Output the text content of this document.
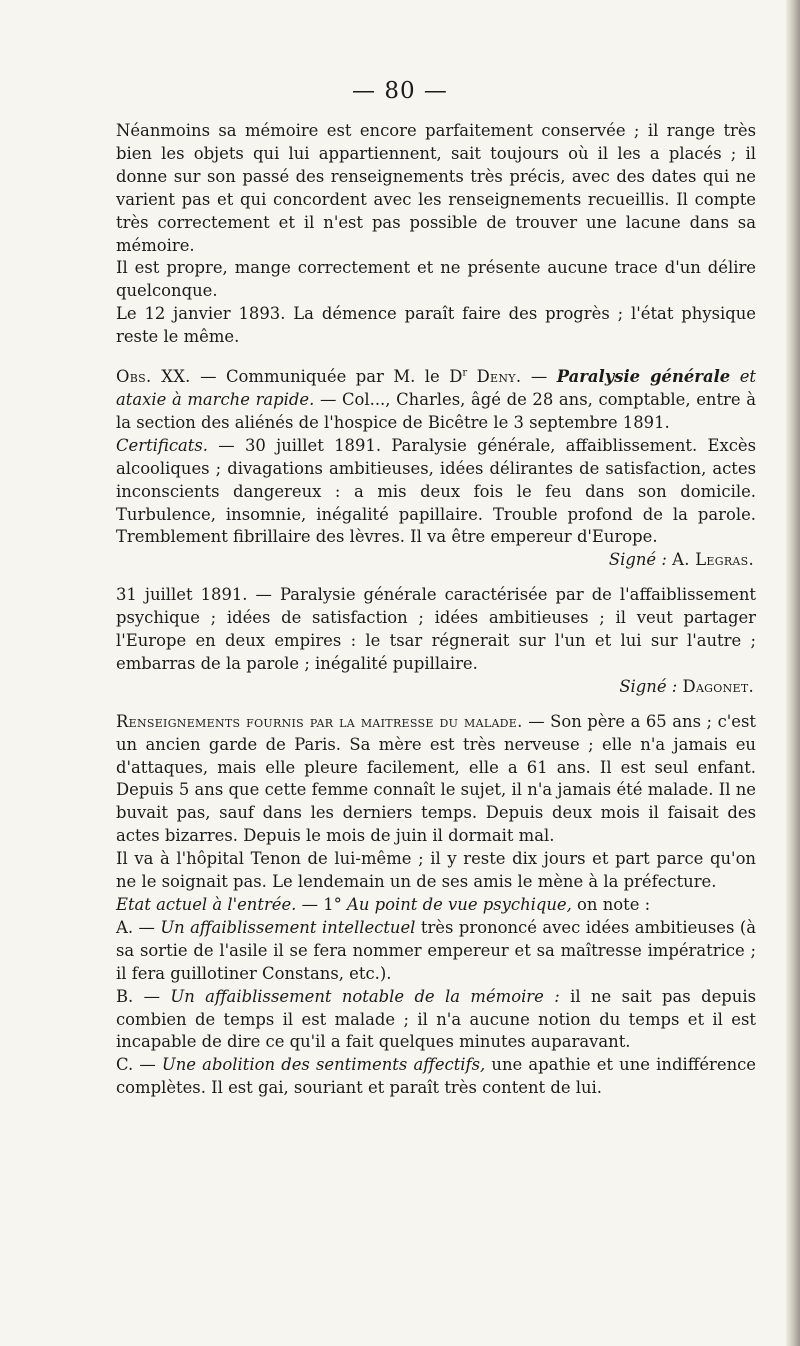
— 80 —

Néanmoins sa mémoire est encore parfaitement conservée ; il range très bien les objets qui lui appartiennent, sait toujours où il les a placés ; il donne sur son passé des renseignements très précis, avec des dates qui ne varient pas et qui concordent avec les renseignements recueillis. Il compte très correctement et il n'est pas possible de trouver une lacune dans sa mémoire.

Il est propre, mange correctement et ne présente aucune trace d'un délire quelconque.

Le 12 janvier 1893. La démence paraît faire des progrès ; l'état physique reste le même.

Obs. XX. — Communiquée par M. le $D^r$ Deny. — Paralysie générale et ataxie à marche rapide. — Col..., Charles, âgé de 28 ans, comptable, entre à la section des aliénés de l'hospice de Bicêtre le 3 septembre 1891.

Certificats. — 30 juillet 1891. Paralysie générale, affaiblissement. Excès alcooliques ; divagations ambitieuses, idées délirantes de satisfaction, actes inconscients dangereux : a mis deux fois le feu dans son domicile. Turbulence, insomnie, inégalité papillaire. Trouble profond de la parole. Tremblement fibrillaire des lèvres. Il va être empereur d'Europe.

Signé : A. Legras.

31 juillet 1891. — Paralysie générale caractérisée par de l'affaiblissement psychique ; idées de satisfaction ; idées ambitieuses ; il veut partager l'Europe en deux empires : le tsar régnerait sur l'un et lui sur l'autre ; embarras de la parole ; inégalité pupillaire.

Signé : Dagonet.

Renseignements fournis par la maitresse du malade. — Son père a 65 ans ; c'est un ancien garde de Paris. Sa mère est très nerveuse ; elle n'a jamais eu d'attaques, mais elle pleure facilement, elle a 61 ans. Il est seul enfant. Depuis 5 ans que cette femme connaît le sujet, il n'a jamais été malade. Il ne buvait pas, sauf dans les derniers temps. Depuis deux mois il faisait des actes bizarres. Depuis le mois de juin il dormait mal.

Il va à l'hôpital Tenon de lui-même ; il y reste dix jours et part parce qu'on ne le soignait pas. Le lendemain un de ses amis le mène à la préfecture.

Etat actuel à l'entrée. — 1° Au point de vue psychique, on note :

A. — Un affaiblissement intellectuel très prononcé avec idées ambitieuses (à sa sortie de l'asile il se fera nommer empereur et sa maîtresse impératrice ; il fera guillotiner Constans, etc.).

B. — Un affaiblissement notable de la mémoire : il ne sait pas depuis combien de temps il est malade ; il n'a aucune notion du temps et il est incapable de dire ce qu'il a fait quelques minutes auparavant.

C. — Une abolition des sentiments affectifs, une apathie et une indifférence complètes. Il est gai, souriant et paraît très content de lui.
